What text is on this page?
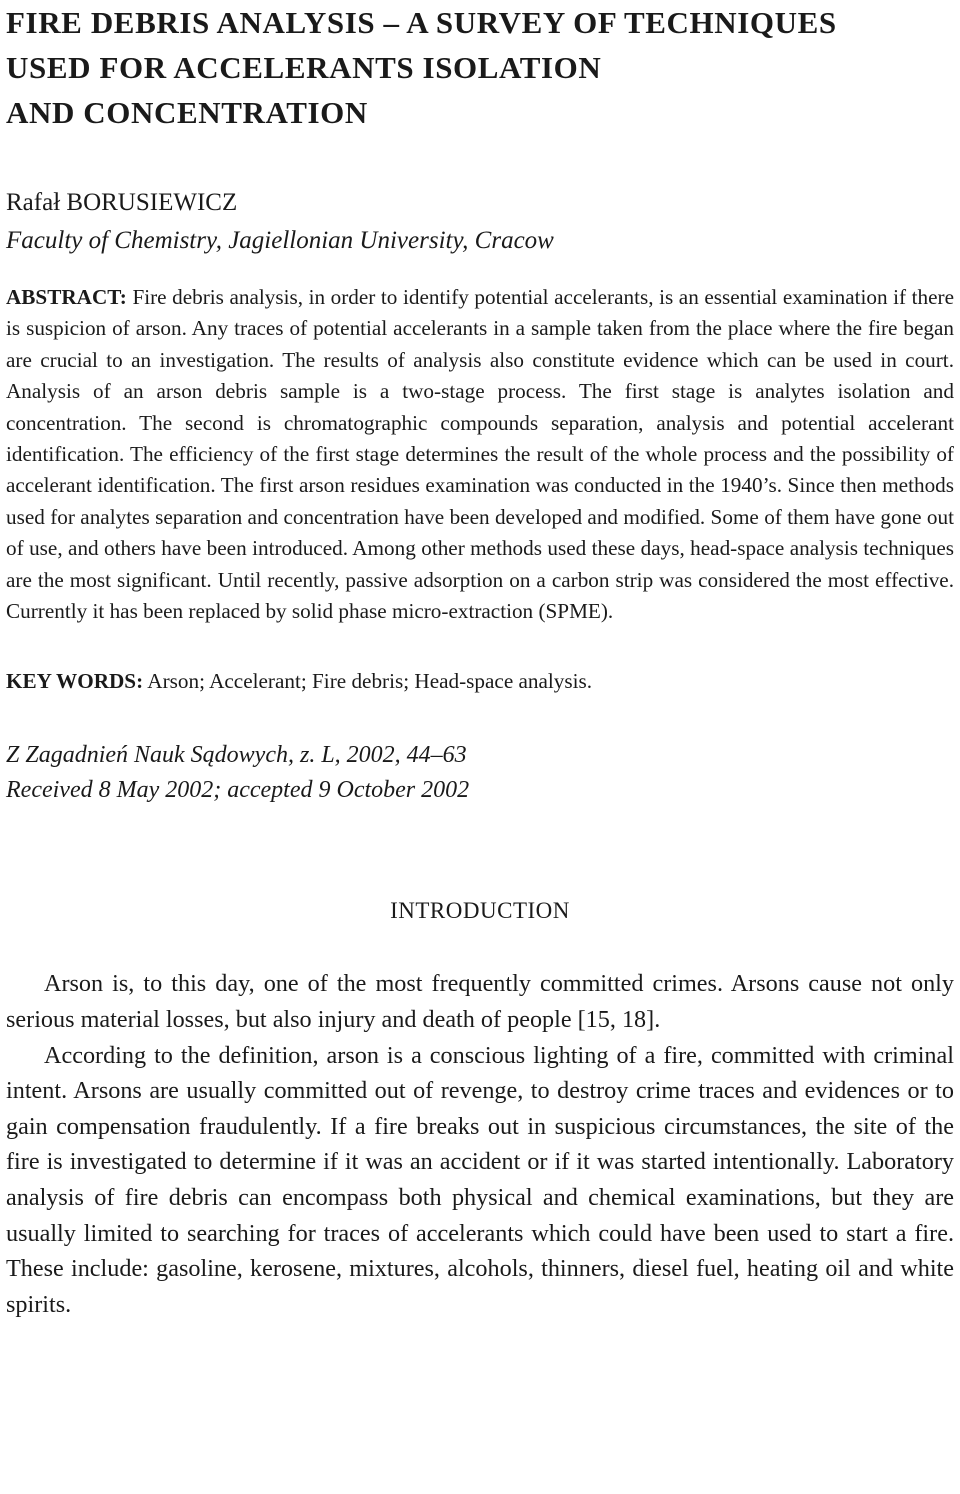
FIRE DEBRIS ANALYSIS – A SURVEY OF TECHNIQUES
USED FOR ACCELERANTS ISOLATION
AND CONCENTRATION
Rafał BORUSIEWICZ
Faculty of Chemistry, Jagiellonian University, Cracow
ABSTRACT: Fire debris analysis, in order to identify potential accelerants, is an essential examination if there is suspicion of arson. Any traces of potential accelerants in a sample taken from the place where the fire began are crucial to an investigation. The results of analysis also constitute evidence which can be used in court. Analysis of an arson debris sample is a two-stage process. The first stage is analytes isolation and concentration. The second is chromatographic compounds separation, analysis and potential accelerant identification. The efficiency of the first stage determines the result of the whole process and the possibility of accelerant identification. The first arson residues examination was conducted in the 1940’s. Since then methods used for analytes separation and concentration have been developed and modified. Some of them have gone out of use, and others have been introduced. Among other methods used these days, head-space analysis techniques are the most significant. Until recently, passive adsorption on a carbon strip was considered the most effective. Currently it has been replaced by solid phase micro-extraction (SPME).
KEY WORDS: Arson; Accelerant; Fire debris; Head-space analysis.
Z Zagadnień Nauk Sądowych, z. L, 2002, 44–63
Received 8 May 2002; accepted 9 October 2002
INTRODUCTION

Arson is, to this day, one of the most frequently committed crimes. Arsons cause not only serious material losses, but also injury and death of people [15, 18].

According to the definition, arson is a conscious lighting of a fire, committed with criminal intent. Arsons are usually committed out of revenge, to destroy crime traces and evidences or to gain compensation fraudulently. If a fire breaks out in suspicious circumstances, the site of the fire is investigated to determine if it was an accident or if it was started intentionally. Laboratory analysis of fire debris can encompass both physical and chemical examinations, but they are usually limited to searching for traces of accelerants which could have been used to start a fire. These include: gasoline, kerosene, mixtures, alcohols, thinners, diesel fuel, heating oil and white spirits.
